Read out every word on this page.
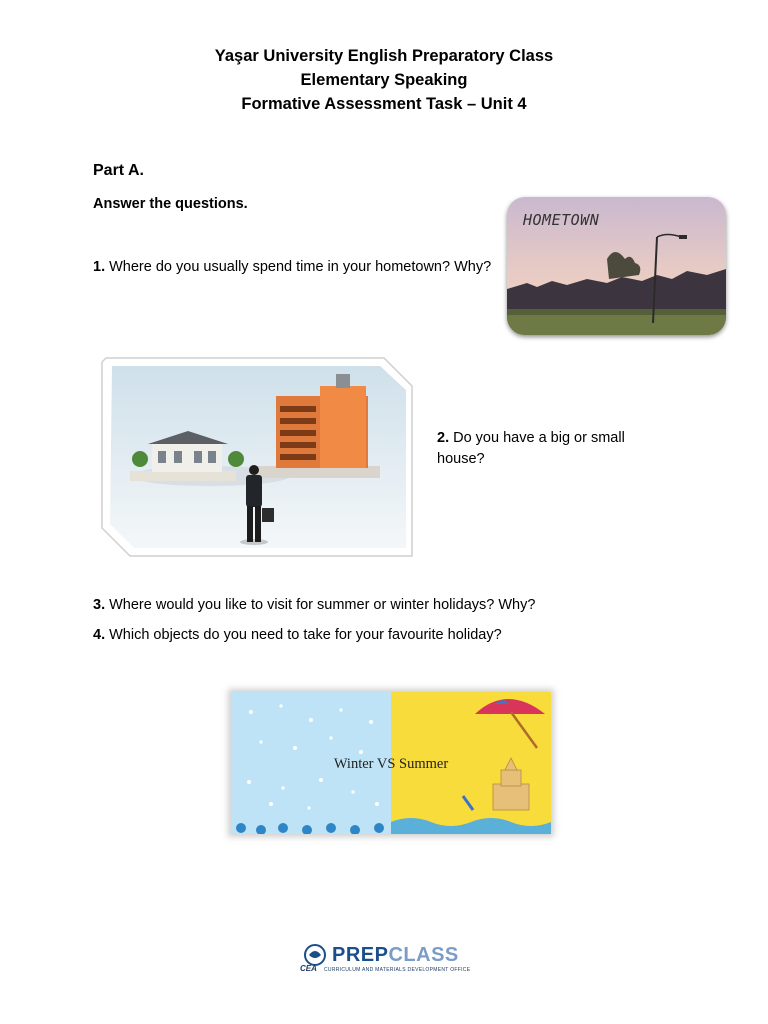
Yaşar University English Preparatory Class
Elementary Speaking
Formative Assessment Task – Unit 4
Part A.
Answer the questions.
1. Where do you usually spend time in your hometown? Why?
HOMETOWN
2. Do you have a big or small house?
3. Where would you like to visit for summer or winter holidays? Why?
4. Which objects do you need to take for your favourite holiday?
Winter VS Summer
PREPCLASS
CEA CURRICULUM AND MATERIALS DEVELOPMENT OFFICE
